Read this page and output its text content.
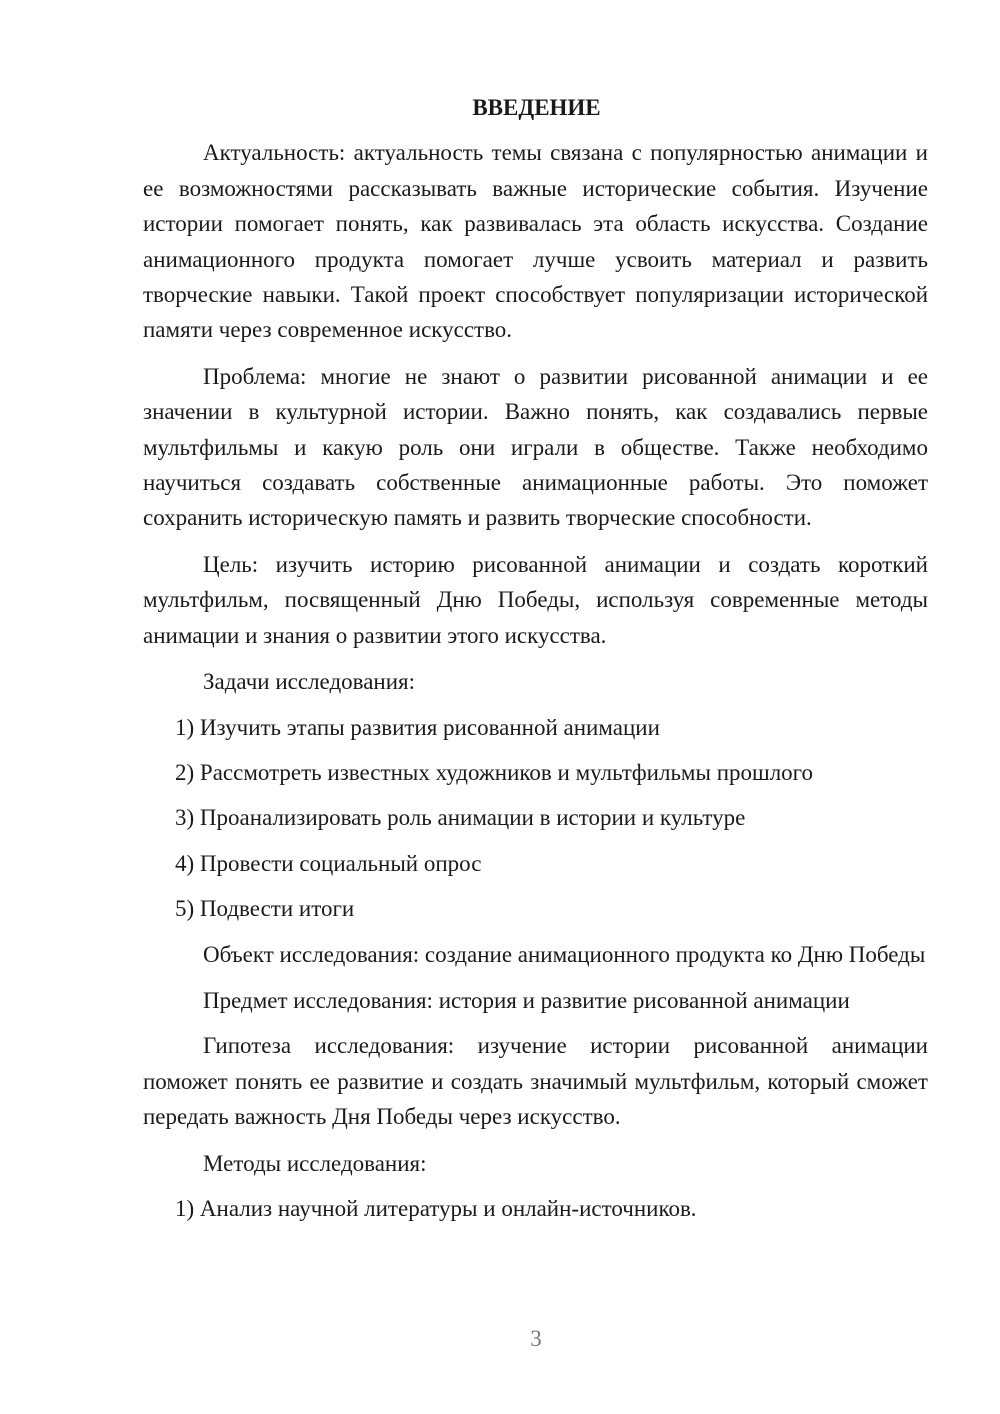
ВВЕДЕНИЕ

Актуальность: актуальность темы связана с популярностью анимации и ее возможностями рассказывать важные исторические события. Изучение истории помогает понять, как развивалась эта область искусства. Создание анимационного продукта помогает лучше усвоить материал и развить творческие навыки. Такой проект способствует популяризации исторической памяти через современное искусство.

Проблема: многие не знают о развитии рисованной анимации и ее значении в культурной истории. Важно понять, как создавались первые мультфильмы и какую роль они играли в обществе. Также необходимо научиться создавать собственные анимационные работы. Это поможет сохранить историческую память и развить творческие способности.

Цель: изучить историю рисованной анимации и создать короткий мультфильм, посвященный Дню Победы, используя современные методы анимации и знания о развитии этого искусства.

Задачи исследования:

1) Изучить этапы развития рисованной анимации
2) Рассмотреть известных художников и мультфильмы прошлого
3) Проанализировать роль анимации в истории и культуре
4) Провести социальный опрос
5) Подвести итоги

Объект исследования: создание анимационного продукта ко Дню Победы

Предмет исследования: история и развитие рисованной анимации

Гипотеза исследования: изучение истории рисованной анимации поможет понять ее развитие и создать значимый мультфильм, который сможет передать важность Дня Победы через искусство.

Методы исследования:

1) Анализ научной литературы и онлайн-источников.
3
